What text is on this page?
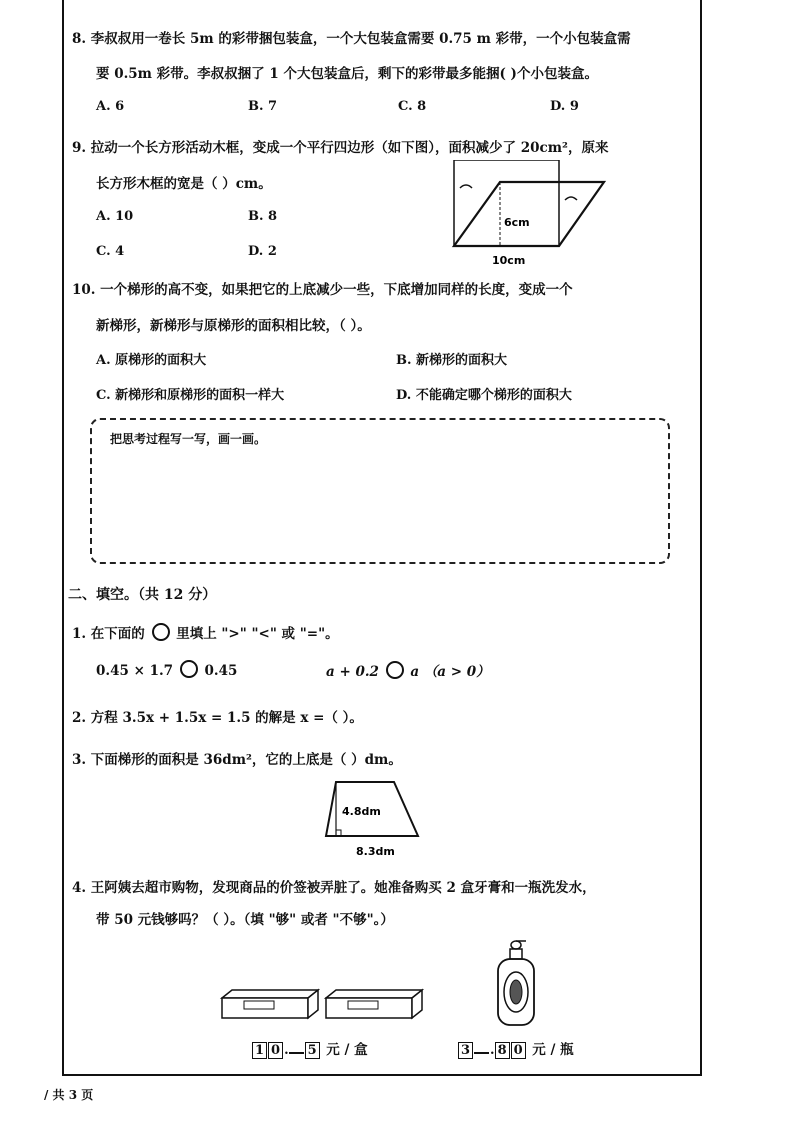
8. 李叔叔用一卷长 5m 的彩带捆包装盒，一个大包装盒需要 0.75 m 彩带，一个小包装盒需
要 0.5m 彩带。李叔叔捆了 1 个大包装盒后，剩下的彩带最多能捆( )个小包装盒。
A. 6	B. 7	C. 8	D. 9
9. 拉动一个长方形活动木框，变成一个平行四边形（如下图），面积减少了 20cm²，原来
长方形木框的宽是（ ）cm。
A. 10	B. 8
C. 4	D. 2
6cm
10cm
10. 一个梯形的高不变，如果把它的上底减少一些，下底增加同样的长度，变成一个
新梯形，新梯形与原梯形的面积相比较，（ ）。
A. 原梯形的面积大	B. 新梯形的面积大
C. 新梯形和原梯形的面积一样大	D. 不能确定哪个梯形的面积大
把思考过程写一写，画一画。
二、填空。（共 12 分）
1. 在下面的 里填上 ">" "<" 或 "="。
0.45 × 1.7 0.45	a + 0.2 a （a > 0）
2. 方程 3.5x + 1.5x = 1.5 的解是 x =（ ）。
3. 下面梯形的面积是 36dm²，它的上底是（ ）dm。
4.8dm
8.3dm
4. 王阿姨去超市购物，发现商品的价签被弄脏了。她准备购买 2 盒牙膏和一瓶洗发水，
带 50 元钱够吗？（ ）。（填 "够" 或者 "不够"。）
1 0 . 5 元 / 盒	3 . 8 0 元 / 瓶
/ 共 3 页
